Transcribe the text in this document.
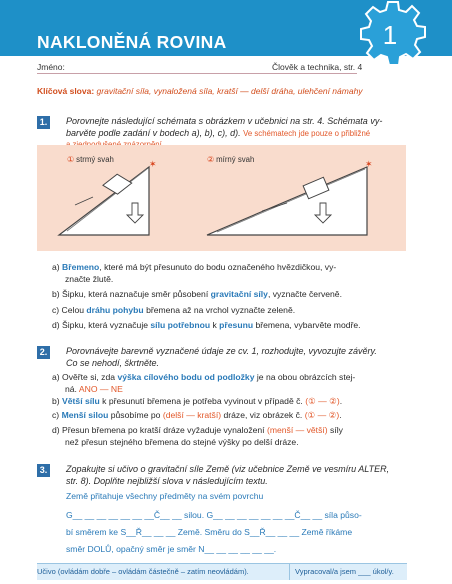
NAKLONĚNÁ ROVINA	1
Jméno:	Člověk a technika, str. 4
Klíčová slova: gravitační síla, vynaložená síla, kratší — delší dráha, ulehčení námahy
1.	Porovnejte následující schémata s obrázkem v učebnici na str. 4. Schémata vy-
barvěte podle zadání v bodech a), b), c), d). Ve schématech jde pouze o přibližné
① strmý svah	② mírný svah
✶	✶
a) Břemeno, které má být přesunuto do bodu označeného hvězdičkou, vy-
značte žlutě.
b) Šipku, která naznačuje směr působení gravitační síly, vyznačte červeně.
c) Celou dráhu pohybu břemena až na vrchol vyznačte zeleně.
d) Šipku, která vyznačuje sílu potřebnou k přesunu břemena, vybarvěte modře.
2.	Porovnávejte barevně vyznačené údaje ze cv. 1, rozhodujte, vyvozujte závěry.
Co se nehodí, škrtněte.
a) Ověřte si, zda výška cílového bodu od podložky je na obou obrázcích stej-
ná. ANO — NE
b) Větší sílu k přesunutí břemena je potřeba vyvinout v případě č. (① — ②).
c) Menší silou působíme po (delší — kratší) dráze, viz obrázek č. (① — ②).
d) Přesun břemena po kratší dráze vyžaduje vynaložení (menší — větší) síly
než přesun stejného břemena do stejné výšky po delší dráze.
3.	Zopakujte si učivo o gravitační síle Země (viz učebnice Země ve vesmíru ALTER,
str. 8). Doplňte nejbližší slova v následujícím textu.
Země přitahuje všechny předměty na svém povrchu
G__ __ __ __ __ __ __Č__ __ silou. G__ __ __ __ __ __ __Č__ __ síla půso-
bí směrem ke S__Ř__ __ __ Země. Směru do S__Ř__ __ __ Země říkáme
směr DOLŮ, opačný směr je směr N__ __ __ __ __ __.
Učivo (ovládám dobře – ovládám částečně – zatím neovládám).	Vypracoval/a jsem ___ úkol/y.
